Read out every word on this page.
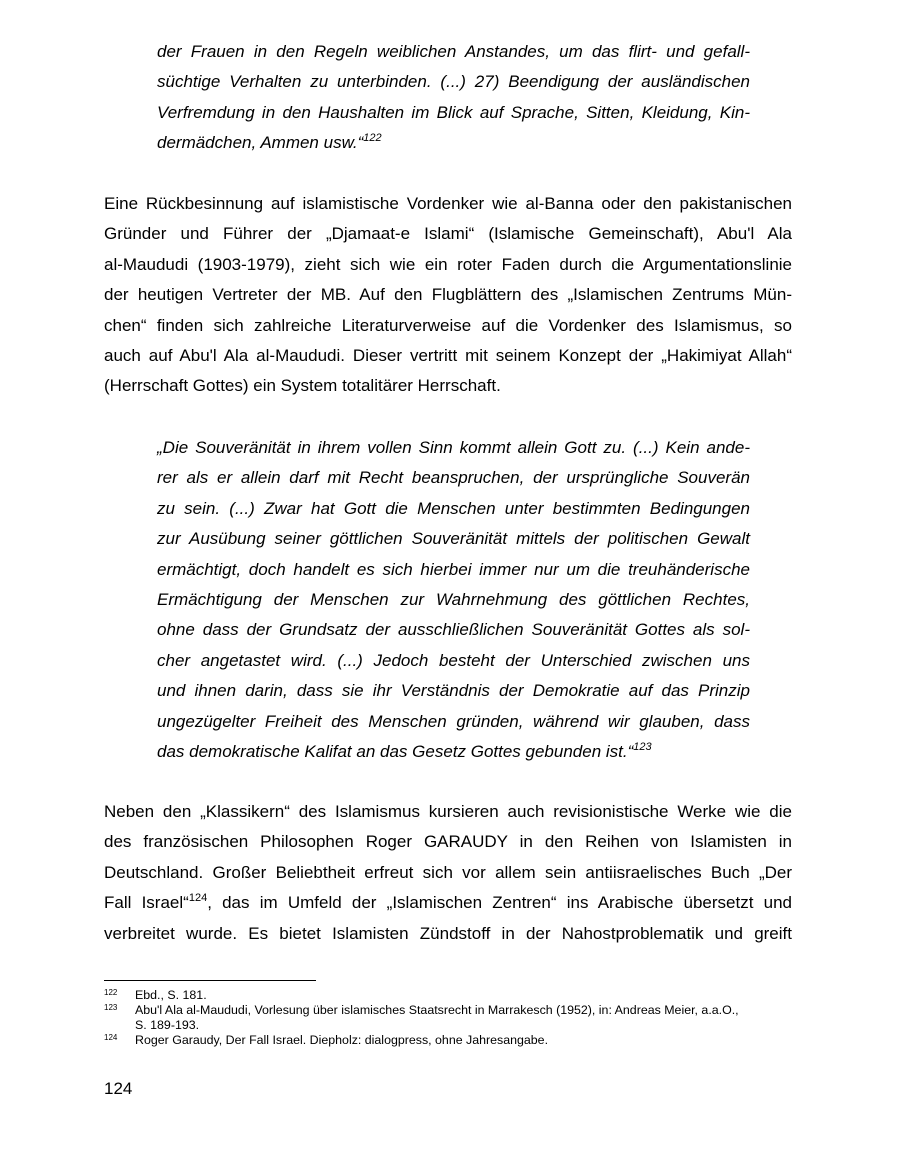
der Frauen in den Regeln weiblichen Anstandes, um das flirt- und gefall-
süchtige Verhalten zu unterbinden. (...) 27) Beendigung der ausländischen
Verfremdung in den Haushalten im Blick auf Sprache, Sitten, Kleidung, Kin-
dermädchen, Ammen usw.“$^{122}$
Eine Rückbesinnung auf islamistische Vordenker wie al-Banna oder den pakistanischen
Gründer und Führer der „Djamaat-e Islami“ (Islamische Gemeinschaft), Abu'l Ala
al-Maududi (1903-1979), zieht sich wie ein roter Faden durch die Argumentationslinie
der heutigen Vertreter der MB. Auf den Flugblättern des „Islamischen Zentrums Mün-
chen“ finden sich zahlreiche Literaturverweise auf die Vordenker des Islamismus, so
auch auf Abu'l Ala al-Maududi. Dieser vertritt mit seinem Konzept der „Hakimiyat Allah“
(Herrschaft Gottes) ein System totalitärer Herrschaft.
„Die Souveränität in ihrem vollen Sinn kommt allein Gott zu. (...) Kein ande-
rer als er allein darf mit Recht beanspruchen, der ursprüngliche Souverän
zu sein. (...) Zwar hat Gott die Menschen unter bestimmten Bedingungen
zur Ausübung seiner göttlichen Souveränität mittels der politischen Gewalt
ermächtigt, doch handelt es sich hierbei immer nur um die treuhänderische
Ermächtigung der Menschen zur Wahrnehmung des göttlichen Rechtes,
ohne dass der Grundsatz der ausschließlichen Souveränität Gottes als sol-
cher angetastet wird. (...) Jedoch besteht der Unterschied zwischen uns
und ihnen darin, dass sie ihr Verständnis der Demokratie auf das Prinzip
ungezügelter Freiheit des Menschen gründen, während wir glauben, dass
das demokratische Kalifat an das Gesetz Gottes gebunden ist.“$^{123}$
Neben den „Klassikern“ des Islamismus kursieren auch revisionistische Werke wie die
des französischen Philosophen Roger GARAUDY in den Reihen von Islamisten in
Deutschland. Großer Beliebtheit erfreut sich vor allem sein antiisraelisches Buch „Der
Fall Israel“$^{124}$, das im Umfeld der „Islamischen Zentren“ ins Arabische übersetzt und
verbreitet wurde. Es bietet Islamisten Zündstoff in der Nahostproblematik und greift
122	Ebd., S. 181.
123	Abu'l Ala al-Maududi, Vorlesung über islamisches Staatsrecht in Marrakesch (1952), in: Andreas Meier, a.a.O.,
S. 189-193.
124	Roger Garaudy, Der Fall Israel. Diepholz: dialogpress, ohne Jahresangabe.
124
